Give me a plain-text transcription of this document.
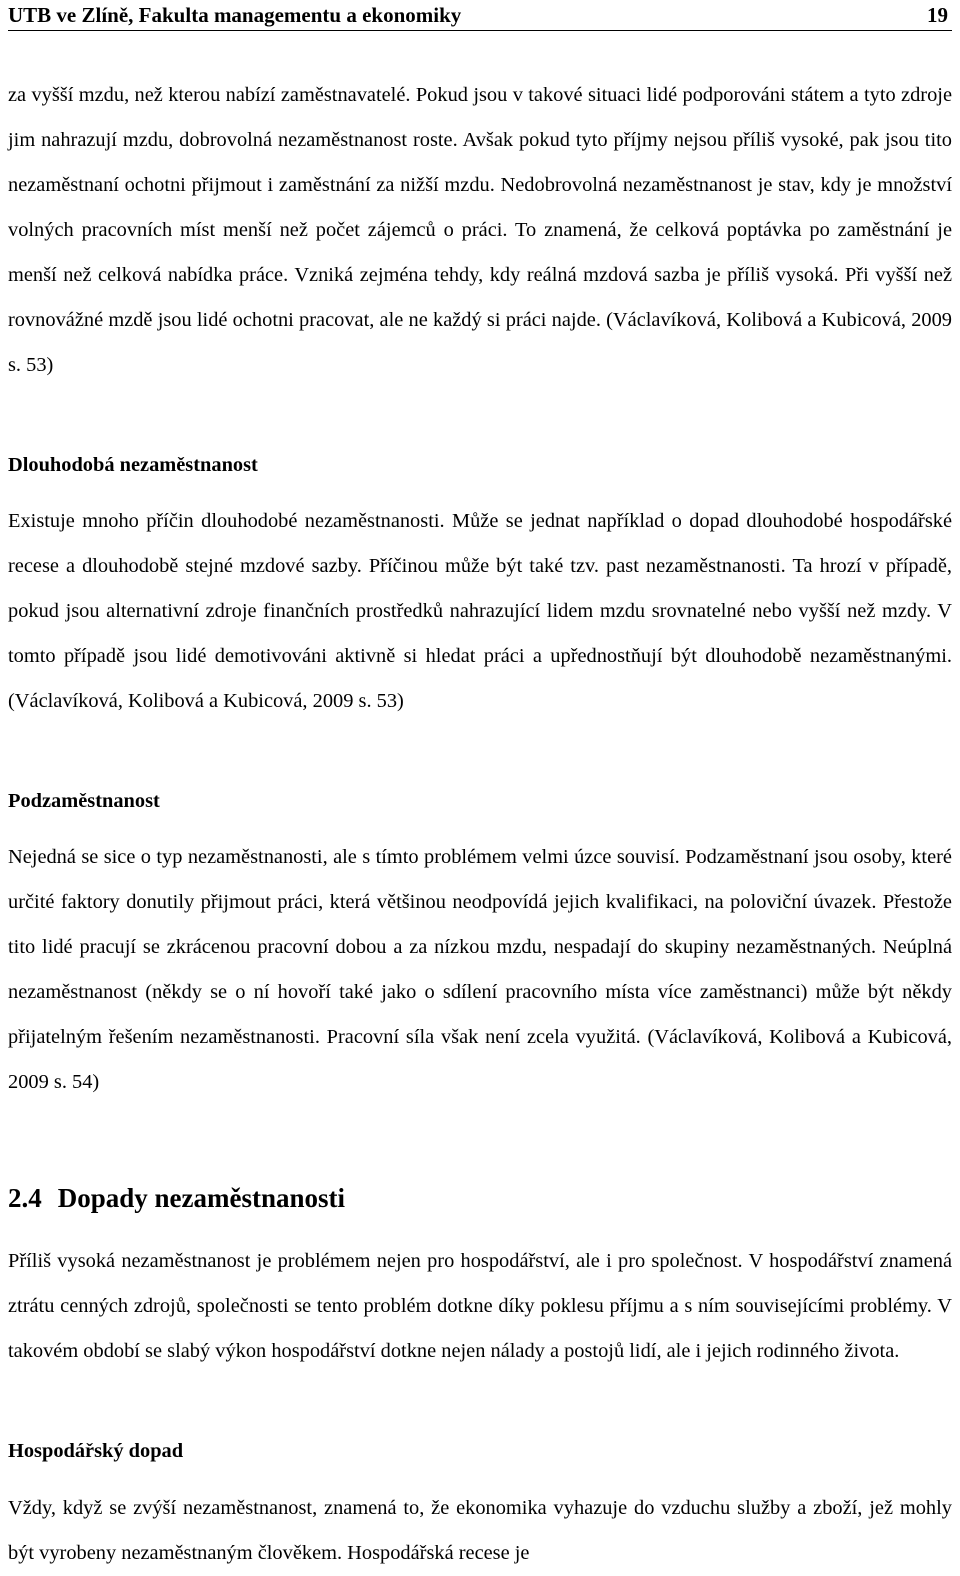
UTB ve Zlíně, Fakulta managementu a ekonomiky	19

za vyšší mzdu, než kterou nabízí zaměstnavatelé. Pokud jsou v takové situaci lidé podporováni státem a tyto zdroje jim nahrazují mzdu, dobrovolná nezaměstnanost roste. Avšak pokud tyto příjmy nejsou příliš vysoké, pak jsou tito nezaměstnaní ochotni přijmout i zaměstnání za nižší mzdu. Nedobrovolná nezaměstnanost je stav, kdy je množství volných pracovních míst menší než počet zájemců o práci. To znamená, že celková poptávka po zaměstnání je menší než celková nabídka práce. Vzniká zejména tehdy, kdy reálná mzdová sazba je příliš vysoká. Při vyšší než rovnovážné mzdě jsou lidé ochotni pracovat, ale ne každý si práci najde. (Václavíková, Kolibová a Kubicová, 2009 s. 53)

Dlouhodobá nezaměstnanost

Existuje mnoho příčin dlouhodobé nezaměstnanosti. Může se jednat například o dopad dlouhodobé hospodářské recese a dlouhodobě stejné mzdové sazby. Příčinou může být také tzv. past nezaměstnanosti. Ta hrozí v případě, pokud jsou alternativní zdroje finančních prostředků nahrazující lidem mzdu srovnatelné nebo vyšší než mzdy. V tomto případě jsou lidé demotivováni aktivně si hledat práci a upřednostňují být dlouhodobě nezaměstnanými. (Václavíková, Kolibová a Kubicová, 2009 s. 53)

Podzaměstnanost

Nejedná se sice o typ nezaměstnanosti, ale s tímto problémem velmi úzce souvisí. Podzaměstnaní jsou osoby, které určité faktory donutily přijmout práci, která většinou neodpovídá jejich kvalifikaci, na poloviční úvazek. Přestože tito lidé pracují se zkrácenou pracovní dobou a za nízkou mzdu, nespadají do skupiny nezaměstnaných. Neúplná nezaměstnanost (někdy se o ní hovoří také jako o sdílení pracovního místa více zaměstnanci) může být někdy přijatelným řešením nezaměstnanosti. Pracovní síla však není zcela využitá. (Václavíková, Kolibová a Kubicová, 2009 s. 54)

2.4 Dopady nezaměstnanosti

Příliš vysoká nezaměstnanost je problémem nejen pro hospodářství, ale i pro společnost. V hospodářství znamená ztrátu cenných zdrojů, společnosti se tento problém dotkne díky poklesu příjmu a s ním souvisejícími problémy. V takovém období se slabý výkon hospodářství dotkne nejen nálady a postojů lidí, ale i jejich rodinného života.

Hospodářský dopad

Vždy, když se zvýší nezaměstnanost, znamená to, že ekonomika vyhazuje do vzduchu služby a zboží, jež mohly být vyrobeny nezaměstnaným člověkem. Hospodářská recese je
